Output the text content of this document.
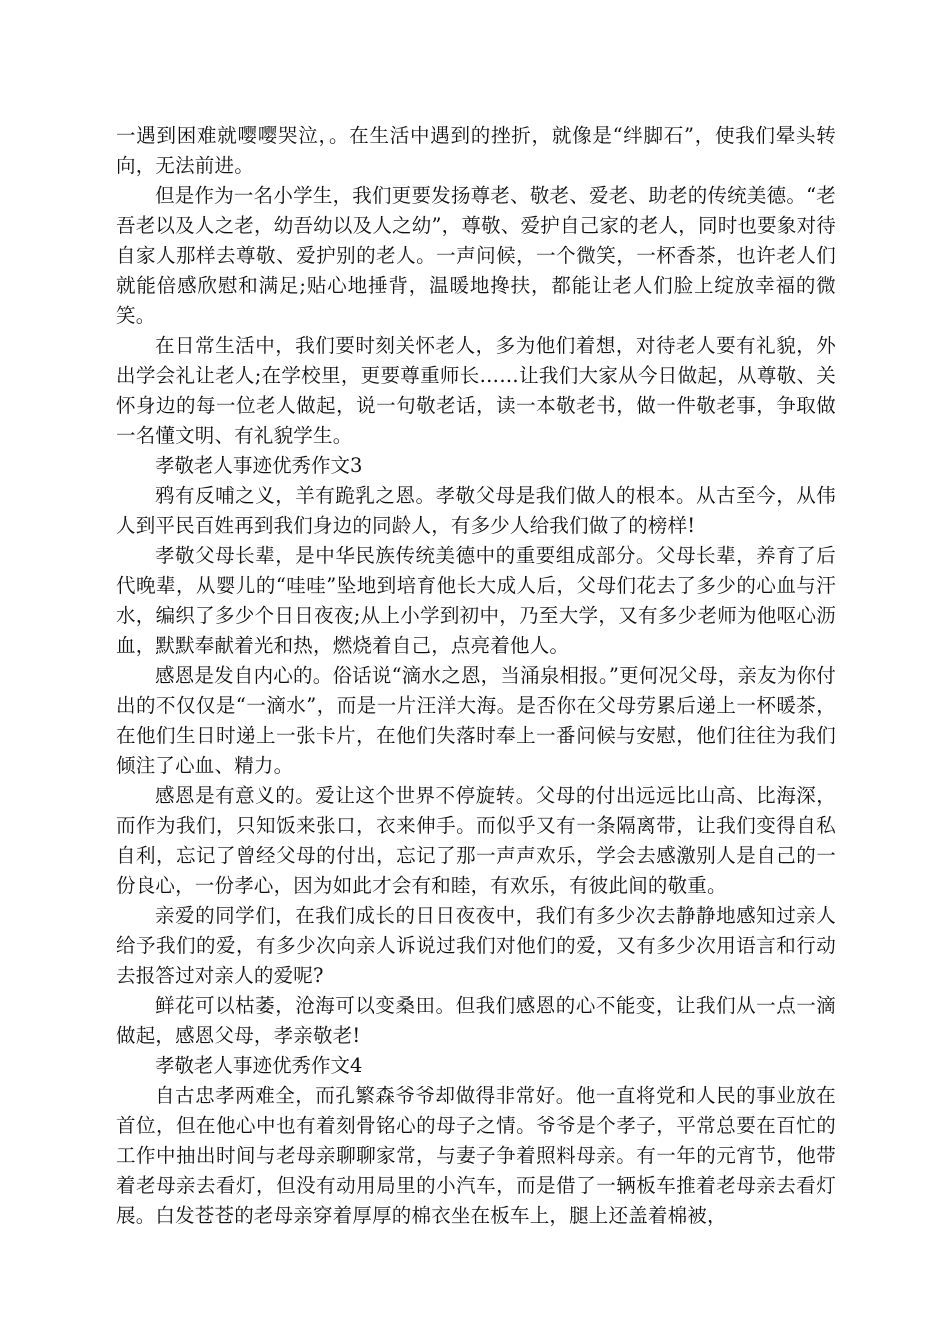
一遇到困难就嘤嘤哭泣，。在生活中遇到的挫折，就像是“绊脚石”，使我们晕头转向，无法前进。

但是作为一名小学生，我们更要发扬尊老、敬老、爱老、助老的传统美德。“老吾老以及人之老，幼吾幼以及人之幼”，尊敬、爱护自己家的老人，同时也要象对待自家人那样去尊敬、爱护别的老人。一声问候，一个微笑，一杯香茶，也许老人们就能倍感欣慰和满足;贴心地捶背，温暖地搀扶，都能让老人们脸上绽放幸福的微笑。

在日常生活中，我们要时刻关怀老人，多为他们着想，对待老人要有礼貌，外出学会礼让老人;在学校里，更要尊重师长……让我们大家从今日做起，从尊敬、关怀身边的每一位老人做起，说一句敬老话，读一本敬老书，做一件敬老事，争取做一名懂文明、有礼貌学生。

孝敬老人事迹优秀作文3

鸦有反哺之义，羊有跪乳之恩。孝敬父母是我们做人的根本。从古至今，从伟人到平民百姓再到我们身边的同龄人，有多少人给我们做了的榜样!

孝敬父母长辈，是中华民族传统美德中的重要组成部分。父母长辈，养育了后代晚辈，从婴儿的“哇哇”坠地到培育他长大成人后，父母们花去了多少的心血与汗水，编织了多少个日日夜夜;从上小学到初中，乃至大学，又有多少老师为他呕心沥血，默默奉献着光和热，燃烧着自己，点亮着他人。

感恩是发自内心的。俗话说“滴水之恩，当涌泉相报。”更何况父母，亲友为你付出的不仅仅是“一滴水”，而是一片汪洋大海。是否你在父母劳累后递上一杯暖茶，在他们生日时递上一张卡片，在他们失落时奉上一番问候与安慰，他们往往为我们倾注了心血、精力。

感恩是有意义的。爱让这个世界不停旋转。父母的付出远远比山高、比海深，而作为我们，只知饭来张口，衣来伸手。而似乎又有一条隔离带，让我们变得自私自利，忘记了曾经父母的付出，忘记了那一声声欢乐，学会去感激别人是自己的一份良心，一份孝心，因为如此才会有和睦，有欢乐，有彼此间的敬重。

亲爱的同学们，在我们成长的日日夜夜中，我们有多少次去静静地感知过亲人给予我们的爱，有多少次向亲人诉说过我们对他们的爱，又有多少次用语言和行动去报答过对亲人的爱呢?

鲜花可以枯萎，沧海可以变桑田。但我们感恩的心不能变，让我们从一点一滴做起，感恩父母，孝亲敬老!

孝敬老人事迹优秀作文4

自古忠孝两难全，而孔繁森爷爷却做得非常好。他一直将党和人民的事业放在首位，但在他心中也有着刻骨铭心的母子之情。爷爷是个孝子，平常总要在百忙的工作中抽出时间与老母亲聊聊家常，与妻子争着照料母亲。有一年的元宵节，他带着老母亲去看灯，但没有动用局里的小汽车，而是借了一辆板车推着老母亲去看灯展。白发苍苍的老母亲穿着厚厚的棉衣坐在板车上，腿上还盖着棉被，
